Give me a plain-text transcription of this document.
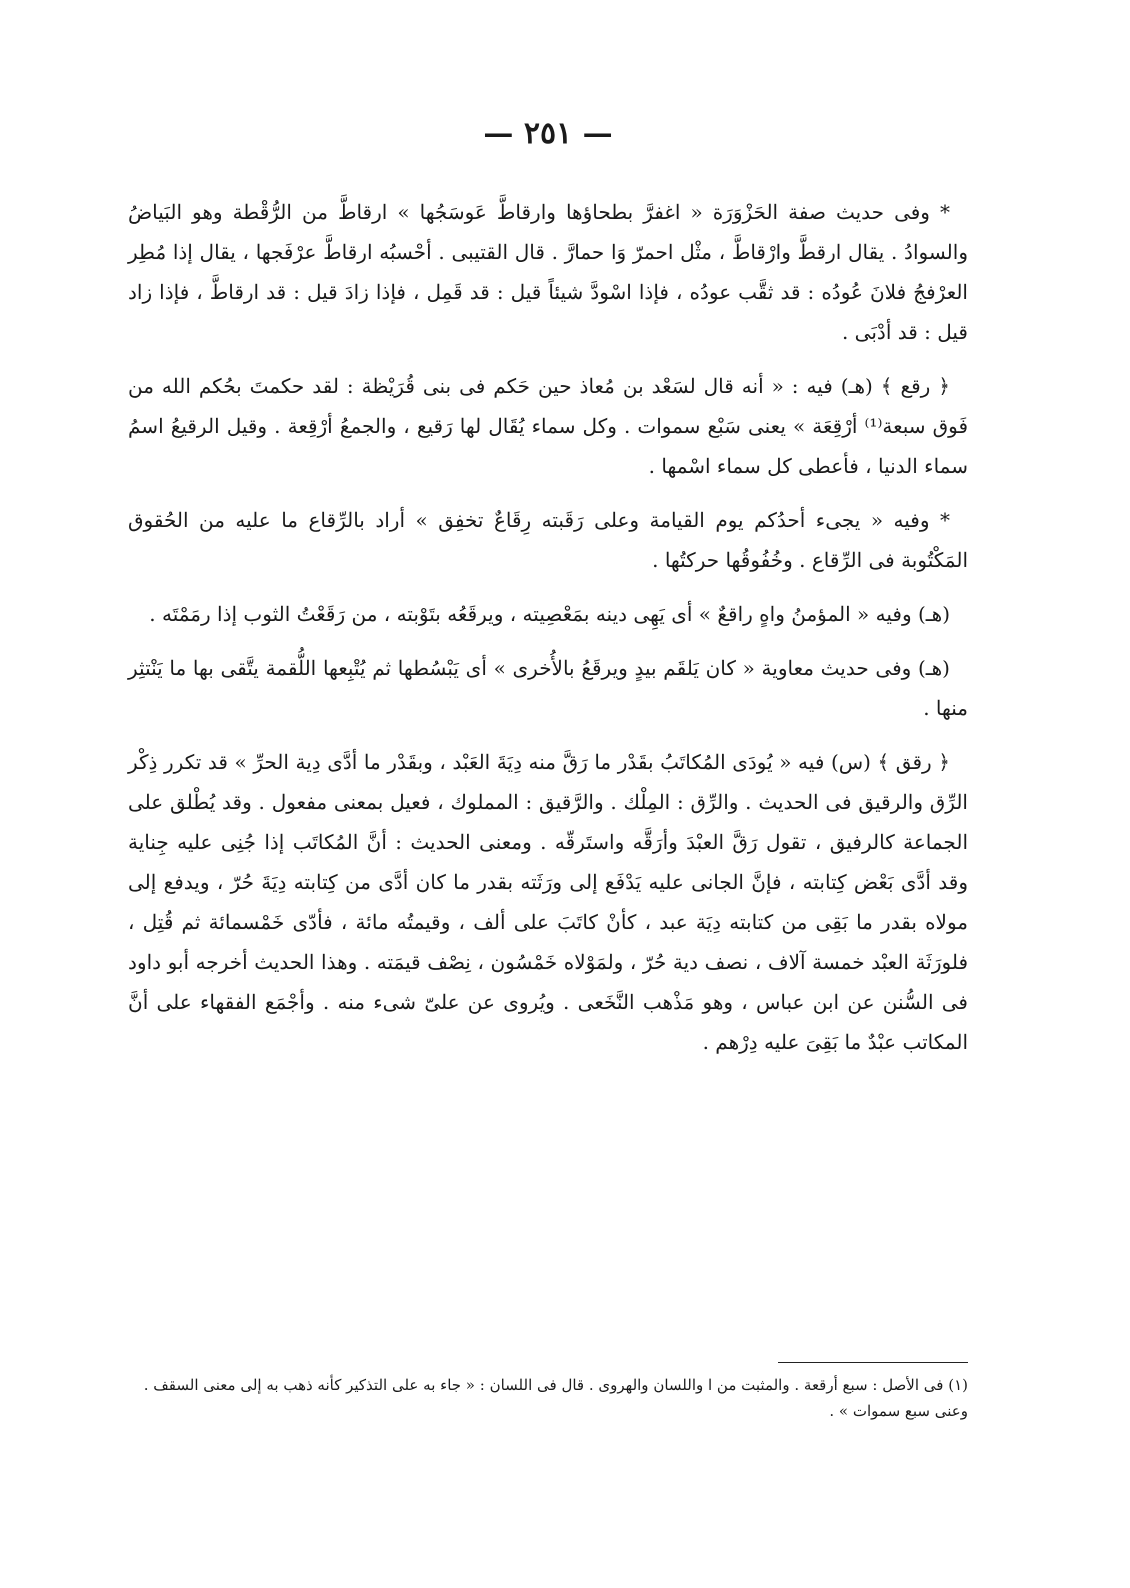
— ٢٥١ —

* وفى حديث صفة الحَزْوَرَة « اغفرَّ بطحاؤها وارقاطَّ عَوسَجُها » ارقاطَّ من الرُّقْطة وهو البَياضُ والسوادُ . يقال ارقطَّ وارْقاطَّ ، مثْل احمرّ وَا حمارَّ . قال القتيبى . أحْسبُه ارقاطَّ عرْفَجها ، يقال إذا مُطِر العرْفجُ فلانَ عُودُه : قد ثقَّب عودُه ، فإذا اسْودَّ شيئاً قيل : قد قَمِل ، فإذا زادَ قيل : قد ارقاطَّ ، فإذا زاد قيل : قد أدْبَى .

﴿ رقع ﴾ (هـ) فيه : « أنه قال لسَعْد بن مُعاذ حين حَكم فى بنى قُرَيْظة : لقد حكمتَ بحُكم الله من فَوق سبعة⁽¹⁾ أرْقِعَة » يعنى سَبْع سموات . وكل سماء يُقَال لها رَقيع ، والجمعُ أرْقِعة . وقيل الرقيعُ اسمُ سماء الدنيا ، فأعطى كل سماء اسْمها .

* وفيه « يجىء أحدُكم يوم القيامة وعلى رَقَبته رِقَاعٌ تخفِق » أراد بالرِّقاع ما عليه من الحُقوق المَكْتُوبة فى الرِّقاع . وخُفُوقُها حركتُها .

(هـ) وفيه « المؤمنُ واهٍ راقعٌ » أى يَهِى دينه بمَعْصِيته ، ويرقَعُه بتَوْبته ، من رَقَعْتُ الثوب إذا رمَمْتَه .

(هـ) وفى حديث معاوية « كان يَلقَم بيدٍ ويرقَعُ بالأُخرى » أى يَبْسُطها ثم يُتْبِعها اللُّقمة يتَّقى بها ما يَنْتثِر منها .

﴿ رقق ﴾ (س) فيه « يُودَى المُكاتَبُ بقَدْر ما رَقَّ منه دِيَةَ العَبْد ، وبقَدْر ما أدَّى دِية الحرِّ » قد تكرر ذِكْر الرِّق والرقيق فى الحديث . والرِّق : المِلْك . والرَّقيق : المملوك ، فعيل بمعنى مفعول . وقد يُطْلق على الجماعة كالرفيق ، تقول رَقَّ العبْدَ وأرَقَّه واستَرقّه . ومعنى الحديث : أنَّ المُكاتَب إذا جُنِى عليه جِناية وقد أدَّى بَعْض كِتابته ، فإنَّ الجانى عليه يَدْفَع إلى ورَثَته بقدر ما كان أدَّى من كِتابته دِيَةَ حُرّ ، ويدفع إلى مولاه بقدر ما بَقِى من كتابته دِيَة عبد ، كأنْ كاتَبَ على ألف ، وقيمتُه مائة ، فأدّى خَمْسمائة ثم قُتِل ، فلورَثَة العبْد خمسة آلاف ، نصف دية حُرّ ، ولمَوْلاه خَمْسُون ، نِصْف قيمَته . وهذا الحديث أخرجه أبو داود فى السُّنن عن ابن عباس ، وهو مَذْهب النَّخَعى . ويُروى عن علىّ شىء منه . وأجْمَع الفقهاء على أنَّ المكاتب عبْدٌ ما بَقِىَ عليه دِرْهم .

(١) فى الأصل : سبع أرقعة . والمثبت من ا واللسان والهروى . قال فى اللسان : « جاء به على التذكير كأنه ذهب به إلى معنى السقف . وعنى سبع سموات » .
